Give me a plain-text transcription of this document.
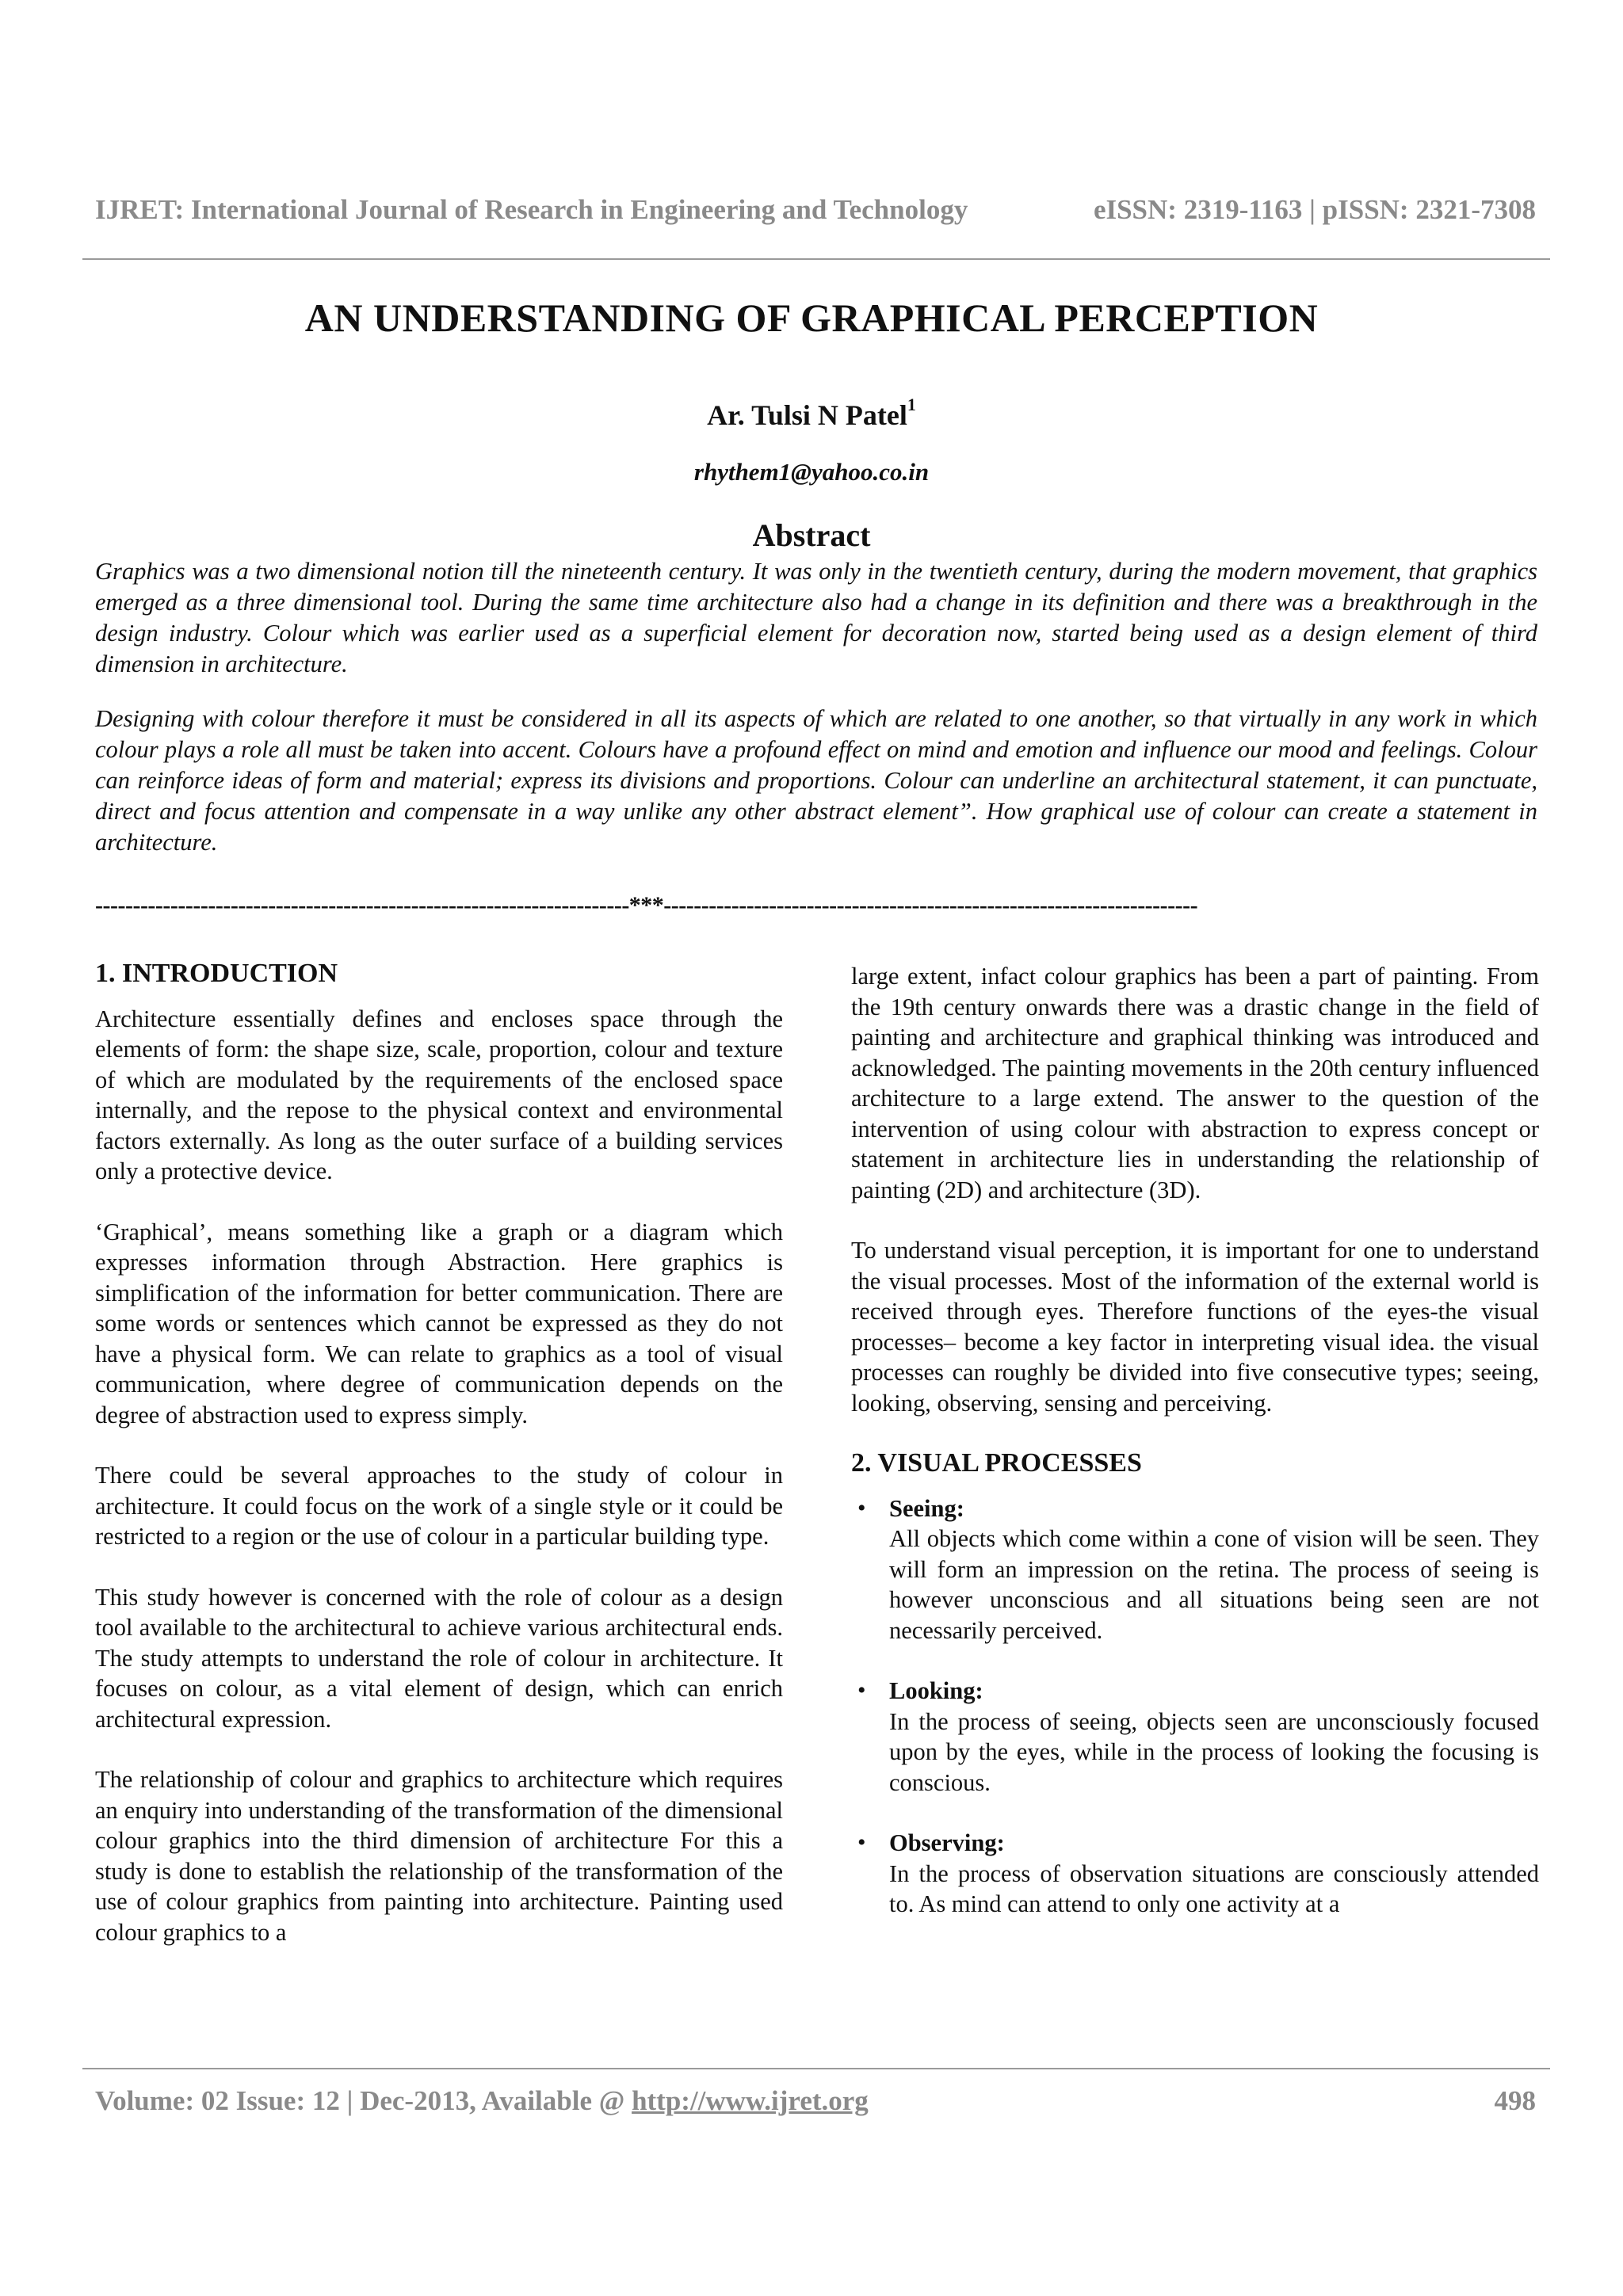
IJRET: International Journal of Research in Engineering and Technology	eISSN: 2319-1163 | pISSN: 2321-7308
AN UNDERSTANDING OF GRAPHICAL PERCEPTION
Ar. Tulsi N Patel$^1$
rhythem1@yahoo.co.in
Abstract

Graphics was a two dimensional notion till the nineteenth century. It was only in the twentieth century, during the modern movement, that graphics emerged as a three dimensional tool. During the same time architecture also had a change in its definition and there was a breakthrough in the design industry. Colour which was earlier used as a superficial element for decoration now, started being used as a design element of third dimension in architecture.

Designing with colour therefore it must be considered in all its aspects of which are related to one another, so that virtually in any work in which colour plays a role all must be taken into accent. Colours have a profound effect on mind and emotion and influence our mood and feelings. Colour can reinforce ideas of form and material; express its divisions and proportions. Colour can underline an architectural statement, it can punctuate, direct and focus attention and compensate in a way unlike any other abstract element”. How graphical use of colour can create a statement in architecture.

-----------------------------------------------------------------------***-----------------------------------------------------------------------
1. INTRODUCTION

Architecture essentially defines and encloses space through the elements of form: the shape size, scale, proportion, colour and texture of which are modulated by the requirements of the enclosed space internally, and the repose to the physical context and environmental factors externally. As long as the outer surface of a building services only a protective device.

‘Graphical’, means something like a graph or a diagram which expresses information through Abstraction. Here graphics is simplification of the information for better communication. There are some words or sentences which cannot be expressed as they do not have a physical form. We can relate to graphics as a tool of visual communication, where degree of communication depends on the degree of abstraction used to express simply.

There could be several approaches to the study of colour in architecture. It could focus on the work of a single style or it could be restricted to a region or the use of colour in a particular building type.

This study however is concerned with the role of colour as a design tool available to the architectural to achieve various architectural ends. The study attempts to understand the role of colour in architecture. It focuses on colour, as a vital element of design, which can enrich architectural expression.

The relationship of colour and graphics to architecture which requires an enquiry into understanding of the transformation of the dimensional colour graphics into the third dimension of architecture For this a study is done to establish the relationship of the transformation of the use of colour graphics from painting into architecture. Painting used colour graphics to a

large extent, infact colour graphics has been a part of painting. From the 19th century onwards there was a drastic change in the field of painting and architecture and graphical thinking was introduced and acknowledged. The painting movements in the 20th century influenced architecture to a large extend. The answer to the question of the intervention of using colour with abstraction to express concept or statement in architecture lies in understanding the relationship of painting (2D) and architecture (3D).

To understand visual perception, it is important for one to understand the visual processes. Most of the information of the external world is received through eyes. Therefore functions of the eyes-the visual processes– become a key factor in interpreting visual idea. the visual processes can roughly be divided into five consecutive types; seeing, looking, observing, sensing and perceiving.

2. VISUAL PROCESSES
• Seeing:
All objects which come within a cone of vision will be seen. They will form an impression on the retina. The process of seeing is however unconscious and all situations being seen are not necessarily perceived.
• Looking:
In the process of seeing, objects seen are unconsciously focused upon by the eyes, while in the process of looking the focusing is conscious.
• Observing:
In the process of observation situations are consciously attended to. As mind can attend to only one activity at a
Volume: 02 Issue: 12 | Dec-2013, Available @ http://www.ijret.org	498
